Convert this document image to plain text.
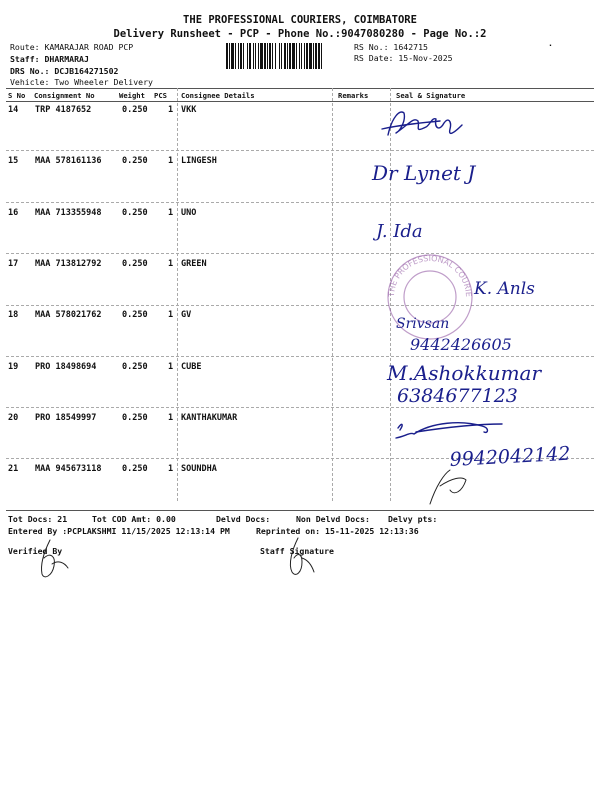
THE PROFESSIONAL COURIERS, COIMBATORE
Delivery Runsheet - PCP - Phone No.:9047080280 - Page No.:2
Route: KAMARAJAR ROAD PCP
Staff: DHARMARAJ
DRS No.: DCJB164271502
Vehicle: Two Wheeler Delivery
RS No.: 1642715
RS Date: 15-Nov-2025
.
S No Consignment No	Weight PCS Consignee Details	Remarks	Seal & Signature
14 TRP 4187652	0.250 1 VKK
15 MAA 578161136 0.250 1 LINGESH
16 MAA 713355948 0.250 1 UNO
17 MAA 713812792 0.250 1 GREEN
18 MAA 578021762 0.250 1 GV
19 PRO 18498694	0.250 1 CUBE
20 PRO 18549997	0.250 1 KANTHAKUMAR
21 MAA 945673118 0.250 1 SOUNDHA
THE PROFESSIONAL COURIERS
Dr Lynet J
J. Ida
K. Anls
Srivsan
9442426605
M.Ashokkumar
6384677123
9942042142
Tot Docs: 21	Tot COD Amt: 0.00	Delvd Docs:	Non Delvd Docs: Delvy pts:
Entered By :PCPLAKSHMI 11/15/2025 12:13:14 PM	Reprinted on: 15-11-2025 12:13:36
Verified By	Staff Signature
